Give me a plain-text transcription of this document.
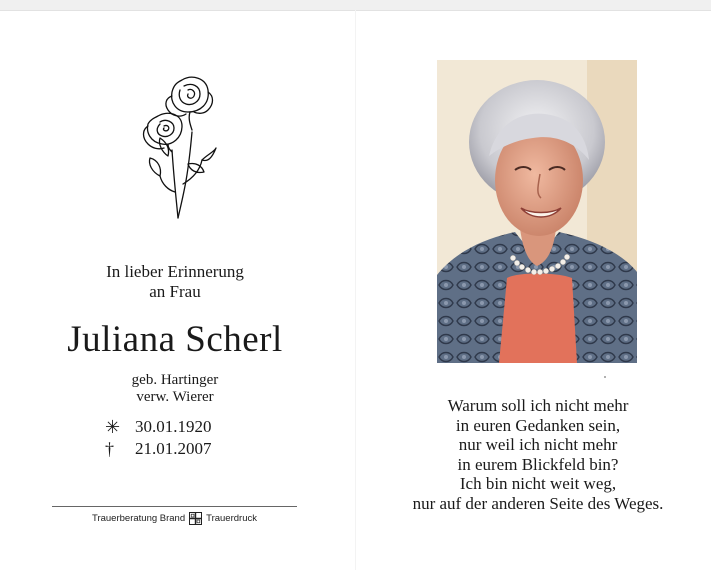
In lieber Erinnerung
an Frau
Juliana Scherl
geb. Hartinger
verw. Wierer
✳ 30.01.1920
†	21.01.2007
Trauerberatung Brand Trauerdruck
Warum soll ich nicht mehr
in euren Gedanken sein,
nur weil ich nicht mehr
in eurem Blickfeld bin?
Ich bin nicht weit weg,
nur auf der anderen Seite des Weges.
